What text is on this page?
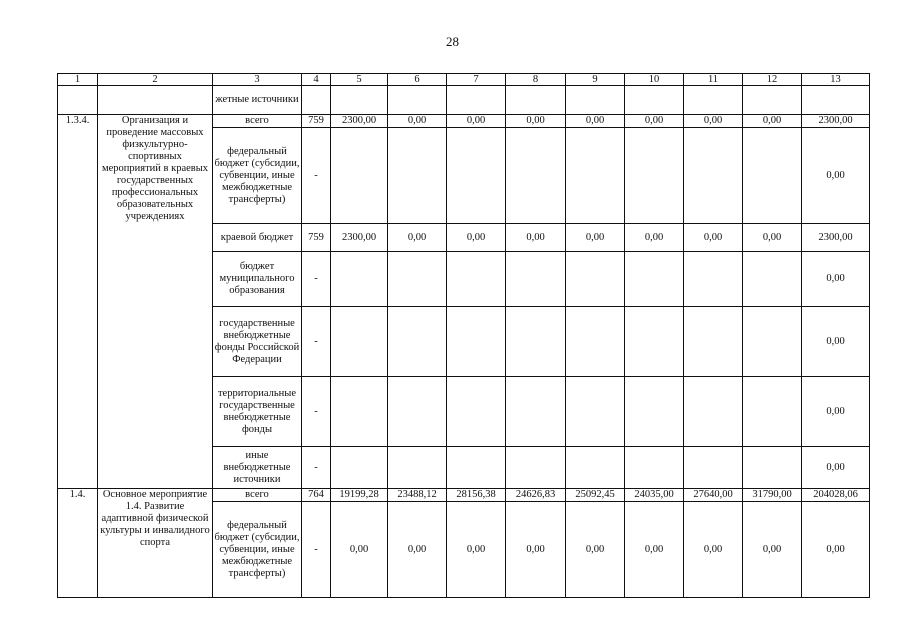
28
1	2	3	4	5	6	7	8	9	10	11	12	13
		жетные источники										
1.3.4.	Организация и проведение массовых физкультурно-спортивных мероприятий в краевых государственных профессиональных образовательных учреждениях	всего	759	2300,00	0,00	0,00	0,00	0,00	0,00	0,00	0,00	2300,00
		федеральный бюджет (субсидии, субвенции, иные межбюджетные трансферты)	-									0,00
		краевой бюджет	759	2300,00	0,00	0,00	0,00	0,00	0,00	0,00	0,00	2300,00
		бюджет муниципального образования	-									0,00
		государственные внебюджетные фонды Российской Федерации	-									0,00
		территориальные государственные внебюджетные фонды	-									0,00
		иные внебюджетные источники	-									0,00
1.4.	Основное мероприятие 1.4. Развитие адаптивной физической культуры и инвалидного спорта	всего	764	19199,28	23488,12	28156,38	24626,83	25092,45	24035,00	27640,00	31790,00	204028,06
		федеральный бюджет (субсидии, субвенции, иные межбюджетные трансферты)	-	0,00	0,00	0,00	0,00	0,00	0,00	0,00	0,00	0,00
